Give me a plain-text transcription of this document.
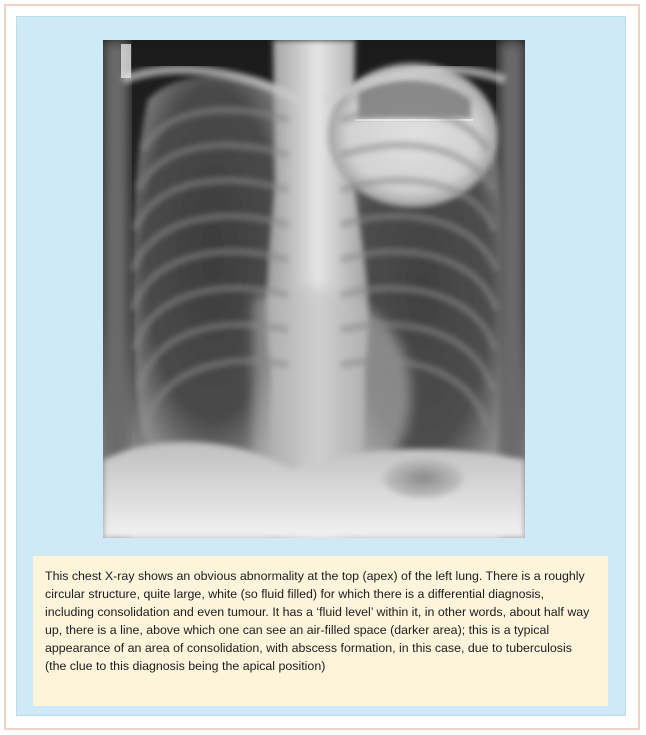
This chest X-ray shows an obvious abnormality at the top (apex) of the left lung. There is a roughly circular structure, quite large, white (so fluid filled) for which there is a differential diagnosis, including consolidation and even tumour. It has a ‘fluid level’ within it, in other words, about half way up, there is a line, above which one can see an air-filled space (darker area); this is a typical appearance of an area of consolidation, with abscess formation, in this case, due to tuberculosis (the clue to this diagnosis being the apical position)
